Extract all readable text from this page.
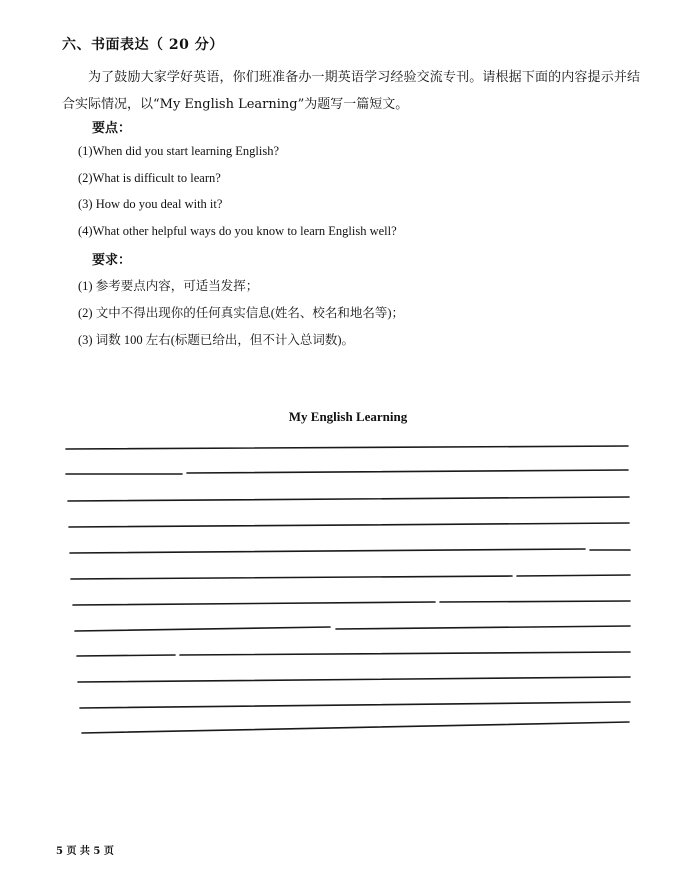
六、书面表达（ 20 分）
为了鼓励大家学好英语，你们班准备办一期英语学习经验交流专刊。请根据下面的内容提示并结合实际情况，以“My English Learning”为题写一篇短文。
要点：
(1)When did you start learning English?
(2)What is difficult to learn?
(3) How do you deal with it?
(4)What other helpful ways do you know to learn English well?
要求：
(1) 参考要点内容，可适当发挥；
(2) 文中不得出现你的任何真实信息(姓名、校名和地名等)；
(3) 词数 100 左右(标题已给出，但不计入总词数)。
My English Learning
5 页 共 5 页
